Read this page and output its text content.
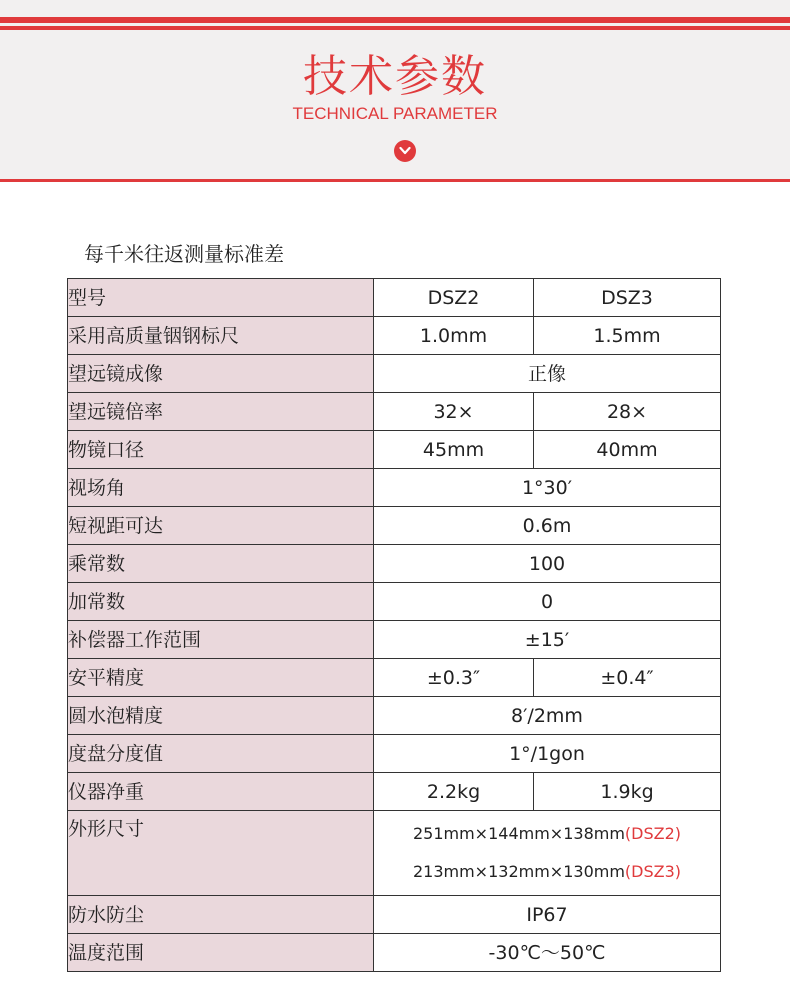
技术参数
TECHNICAL PARAMETER
每千米往返测量标准差
型号	DSZ2	DSZ3
采用高质量铟钢标尺	1.0mm	1.5mm
望远镜成像	正像	
望远镜倍率	32×	28×
物镜口径	45mm	40mm
视场角	1°30′	
短视距可达	0.6m	
乘常数	100	
加常数	0	
补偿器工作范围	±15′	
安平精度	±0.3″	±0.4″
圆水泡精度	8′/2mm	
度盘分度值	1°/1gon	
仪器净重	2.2kg	1.9kg
外形尺寸	251mm×144mm×138mm(DSZ2)
213mm×132mm×130mm(DSZ3)	

防水防尘	IP67	
温度范围	-30℃～50℃	
